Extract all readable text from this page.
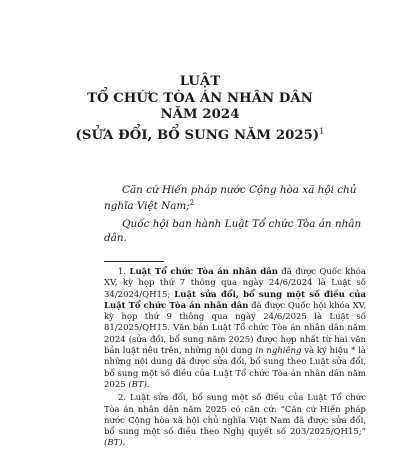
LUẬT
TỔ CHỨC TÒA ÁN NHÂN DÂN
NĂM 2024
(SỬA ĐỔI, BỔ SUNG NĂM 2025)$^1$

Căn cứ Hiến pháp nước Cộng hòa xã hội chủ nghĩa Việt Nam;$^2$

Quốc hội ban hành Luật Tổ chức Tòa án nhân dân.

1. Luật Tổ chức Tòa án nhân dân đã được Quốc khóa XV, kỳ họp thứ 7 thông qua ngày 24/6/2024 là Luật số 34/2024/QH15; Luật sửa đổi, bổ sung một số điều của Luật Tổ chức Tòa án nhân dân đã được Quốc hội khóa XV, kỳ họp thứ 9 thông qua ngày 24/6/2025 là Luật số 81/2025/QH15. Văn bản Luật Tổ chức Tòa án nhân dân năm 2024 (sửa đổi, bổ sung năm 2025) được hợp nhất từ hai văn bản luật nêu trên, những nội dung in nghiêng và ký hiệu * là những nội dung đã được sửa đổi, bổ sung theo Luật sửa đổi, bổ sung một số điều của Luật Tổ chức Tòa án nhân dân năm 2025 (BT).

2. Luật sửa đổi, bổ sung một số điều của Luật Tổ chức Tòa án nhân dân năm 2025 có căn cứ: “Căn cứ Hiến pháp nước Cộng hòa xã hội chủ nghĩa Việt Nam đã được sửa đổi, bổ sung một số điều theo Nghị quyết số 203/2025/QH15;” (BT).
